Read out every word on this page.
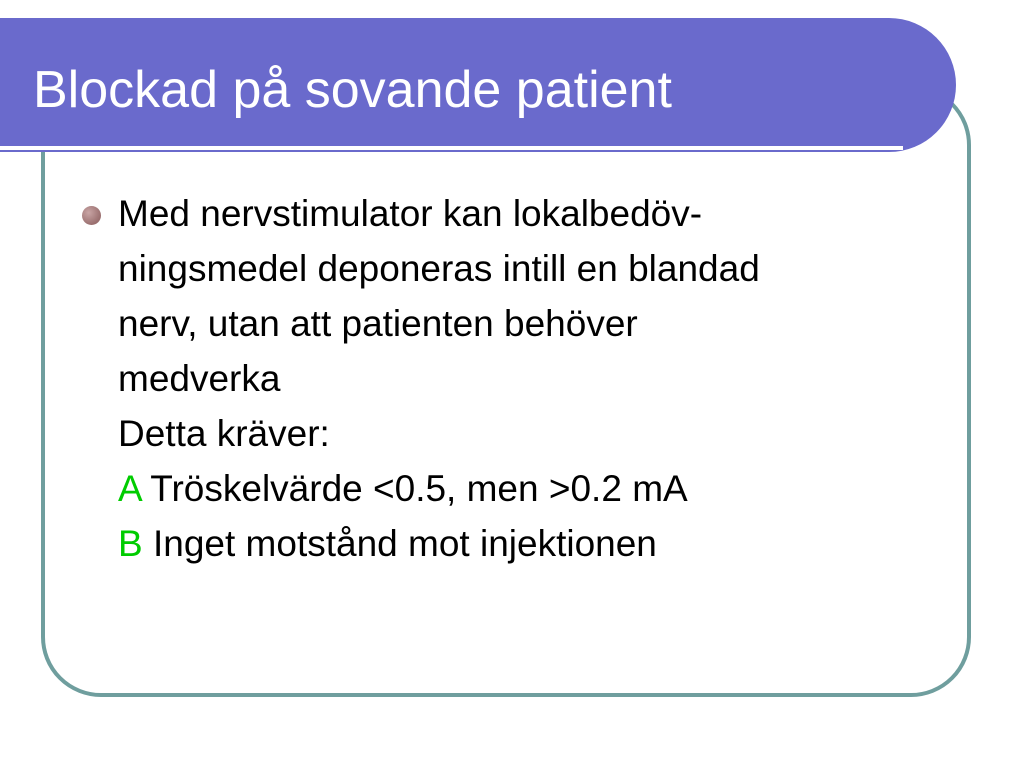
Blockad på sovande patient
Med nervstimulator kan lokalbedöv-
ningsmedel deponeras intill en blandad
nerv, utan att patienten behöver
medverka
Detta kräver:
A Tröskelvärde <0.5, men >0.2 mA
B Inget motstånd mot injektionen
